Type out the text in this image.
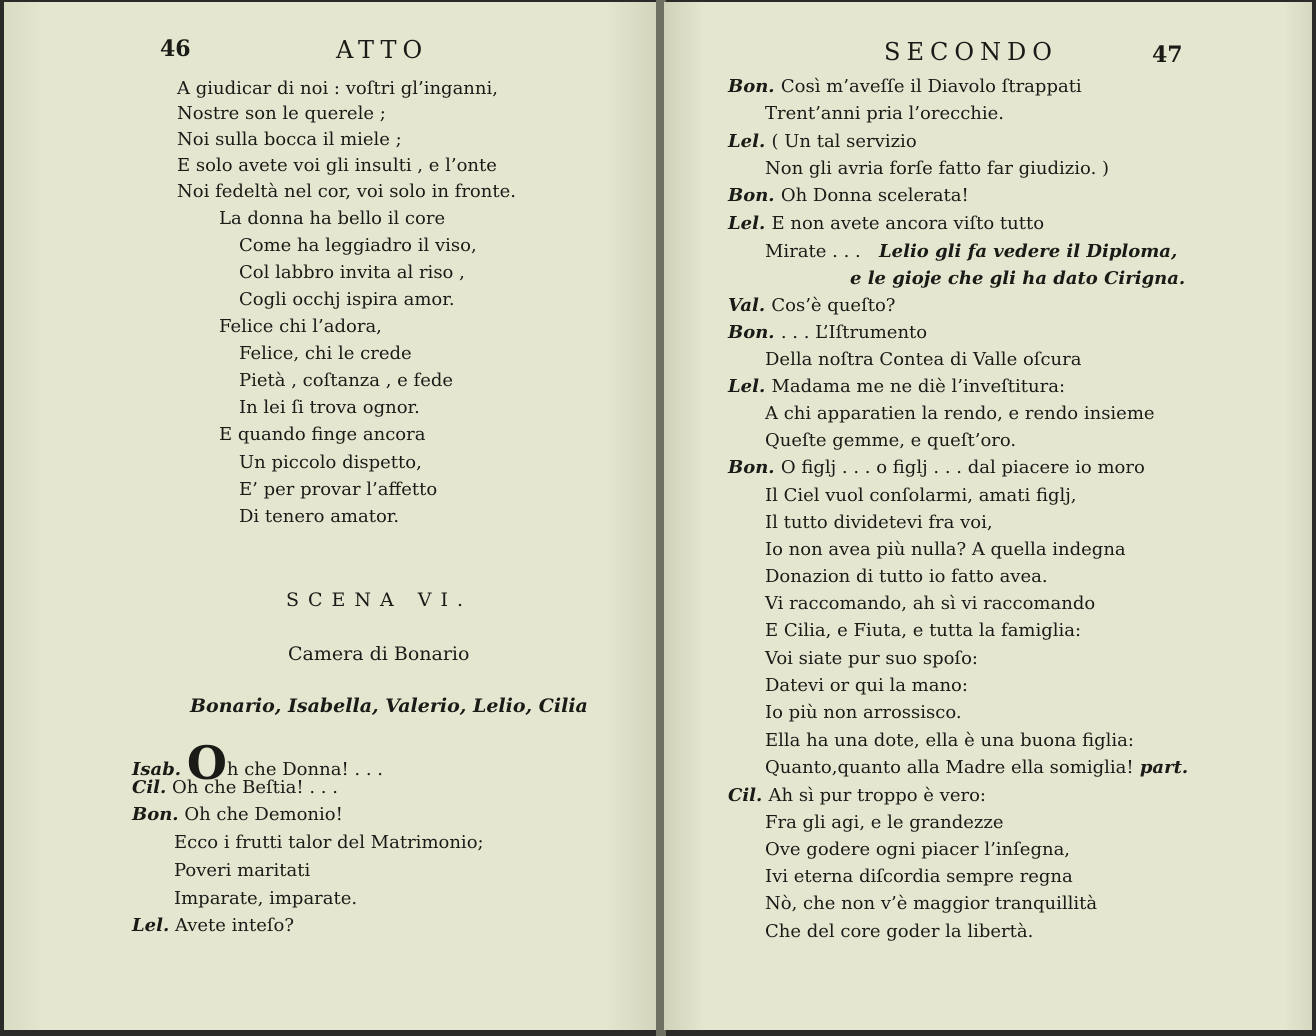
46	ATTO
A giudicar di noi : voſtri gl’inganni,
Nostre son le querele ;
Noi sulla bocca il miele ;
E solo avete voi gli insulti , e l’onte
Noi fedeltà nel cor, voi solo in fronte.
La donna ha bello il core
Come ha leggiadro il viso,
Col labbro invita al riso ,
Cogli occhj ispira amor.
Felice chi l’adora,
Felice, chi le crede
Pietà , coſtanza , e fede
In lei ſi trova ognor.
E quando finge ancora
Un piccolo dispetto,
E’ per provar l’affetto
Di tenero amator.
SCENA VI.
Camera di Bonario
Bonario, Isabella, Valerio, Lelio, Cilia
Isab. Oh che Donna! . . .
Cil. Oh che Beſtia! . . .
Bon. Oh che Demonio!
Ecco i frutti talor del Matrimonio;
Poveri maritati
Imparate, imparate.
Lel. Avete inteſo?
SECONDO	47
Bon. Così m’aveſſe il Diavolo ſtrappati
Trent’anni pria l’orecchie.
Lel. ( Un tal servizio
Non gli avria forſe fatto far giudizio. )
Bon. Oh Donna scelerata!
Lel. E non avete ancora viſto tutto
Mirate . . . Lelio gli fa vedere il Diploma,
e le gioje che gli ha dato Cirigna.
Val. Cos’è queſto?
Bon. . . . L’Iſtrumento
Della noſtra Contea di Valle oſcura
Lel. Madama me ne diè l’inveſtitura:
A chi apparatien la rendo, e rendo insieme
Queſte gemme, e queſt’oro.
Bon. O figlj . . . o figlj . . . dal piacere io moro
Il Ciel vuol conſolarmi, amati figlj,
Il tutto dividetevi fra voi,
Io non avea più nulla? A quella indegna
Donazion di tutto io fatto avea.
Vi raccomando, ah sì vi raccomando
E Cilia, e Fiuta, e tutta la famiglia:
Voi siate pur suo spoſo:
Datevi or qui la mano:
Io più non arrossisco.
Ella ha una dote, ella è una buona figlia:
Quanto,quanto alla Madre ella somiglia! part.
Cil. Ah sì pur troppo è vero:
Fra gli agi, e le grandezze
Ove godere ogni piacer l’inſegna,
Ivi eterna diſcordia sempre regna
Nò, che non v’è maggior tranquillità
Che del core goder la libertà.
